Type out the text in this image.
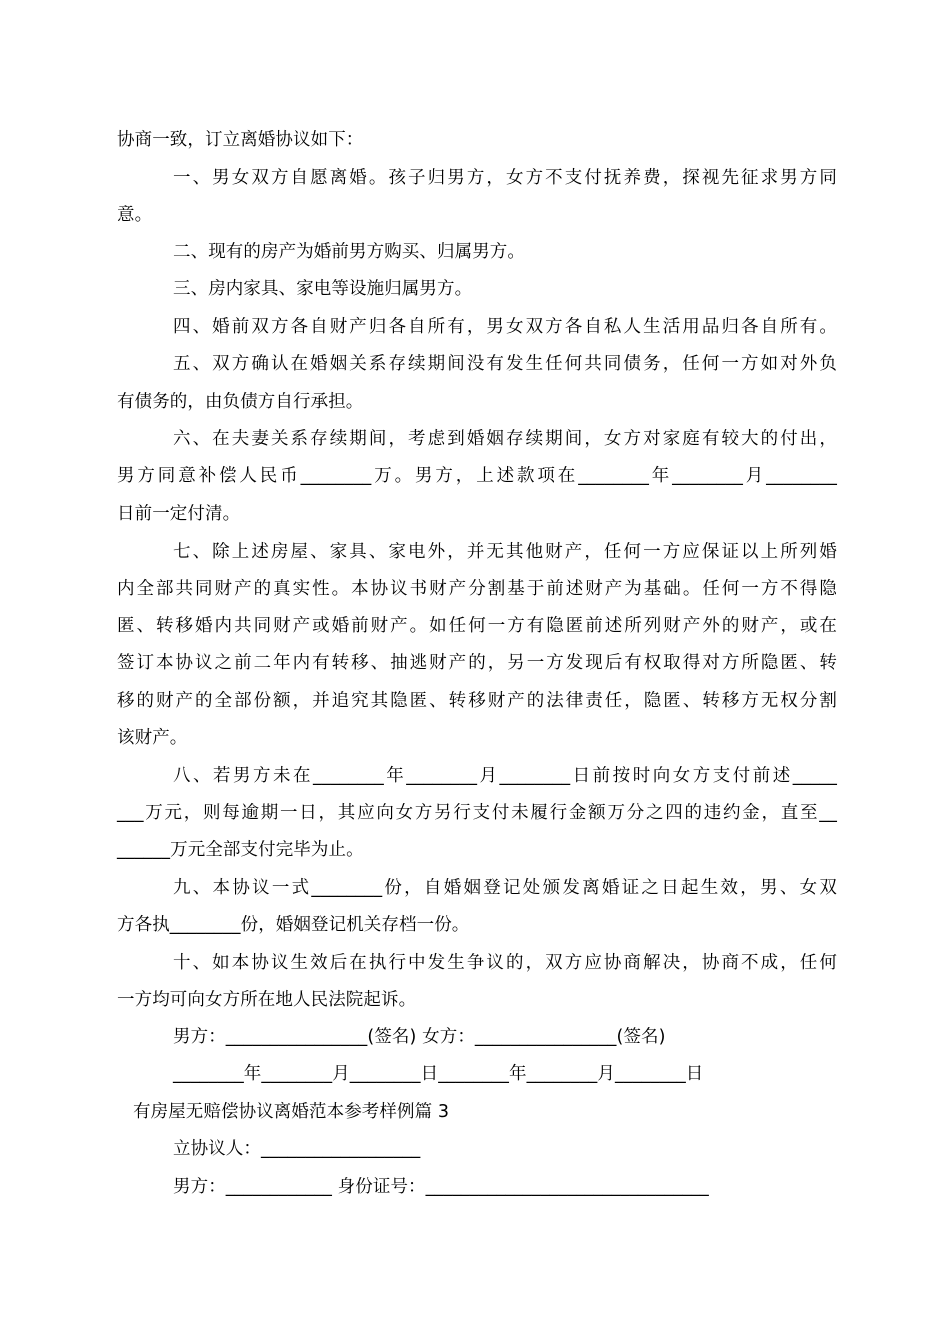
协商一致，订立离婚协议如下：
一、男女双方自愿离婚。孩子归男方，女方不支付抚养费，探视先征求男方同
意。
二、现有的房产为婚前男方购买、归属男方。
三、房内家具、家电等设施归属男方。
四、婚前双方各自财产归各自所有，男女双方各自私人生活用品归各自所有。
五、双方确认在婚姻关系存续期间没有发生任何共同债务，任何一方如对外负
有债务的，由负债方自行承担。
六、在夫妻关系存续期间，考虑到婚姻存续期间，女方对家庭有较大的付出，
男方同意补偿人民币________万。男方，上述款项在________年________月________
日前一定付清。
七、除上述房屋、家具、家电外，并无其他财产，任何一方应保证以上所列婚
内全部共同财产的真实性。本协议书财产分割基于前述财产为基础。任何一方不得隐
匿、转移婚内共同财产或婚前财产。如任何一方有隐匿前述所列财产外的财产，或在
签订本协议之前二年内有转移、抽逃财产的，另一方发现后有权取得对方所隐匿、转
移的财产的全部份额，并追究其隐匿、转移财产的法律责任，隐匿、转移方无权分割
该财产。
八、若男方未在________年________月________日前按时向女方支付前述_____
___万元，则每逾期一日，其应向女方另行支付未履行金额万分之四的违约金，直至__
______万元全部支付完毕为止。
九、本协议一式________份，自婚姻登记处颁发离婚证之日起生效，男、女双
方各执________份，婚姻登记机关存档一份。
十、如本协议生效后在执行中发生争议的，双方应协商解决，协商不成，任何
一方均可向女方所在地人民法院起诉。
男方：________________(签名) 女方：________________(签名)
________年________月________日________年________月________日
有房屋无赔偿协议离婚范本参考样例篇 3
立协议人：__________________
男方：____________ 身份证号：________________________________
